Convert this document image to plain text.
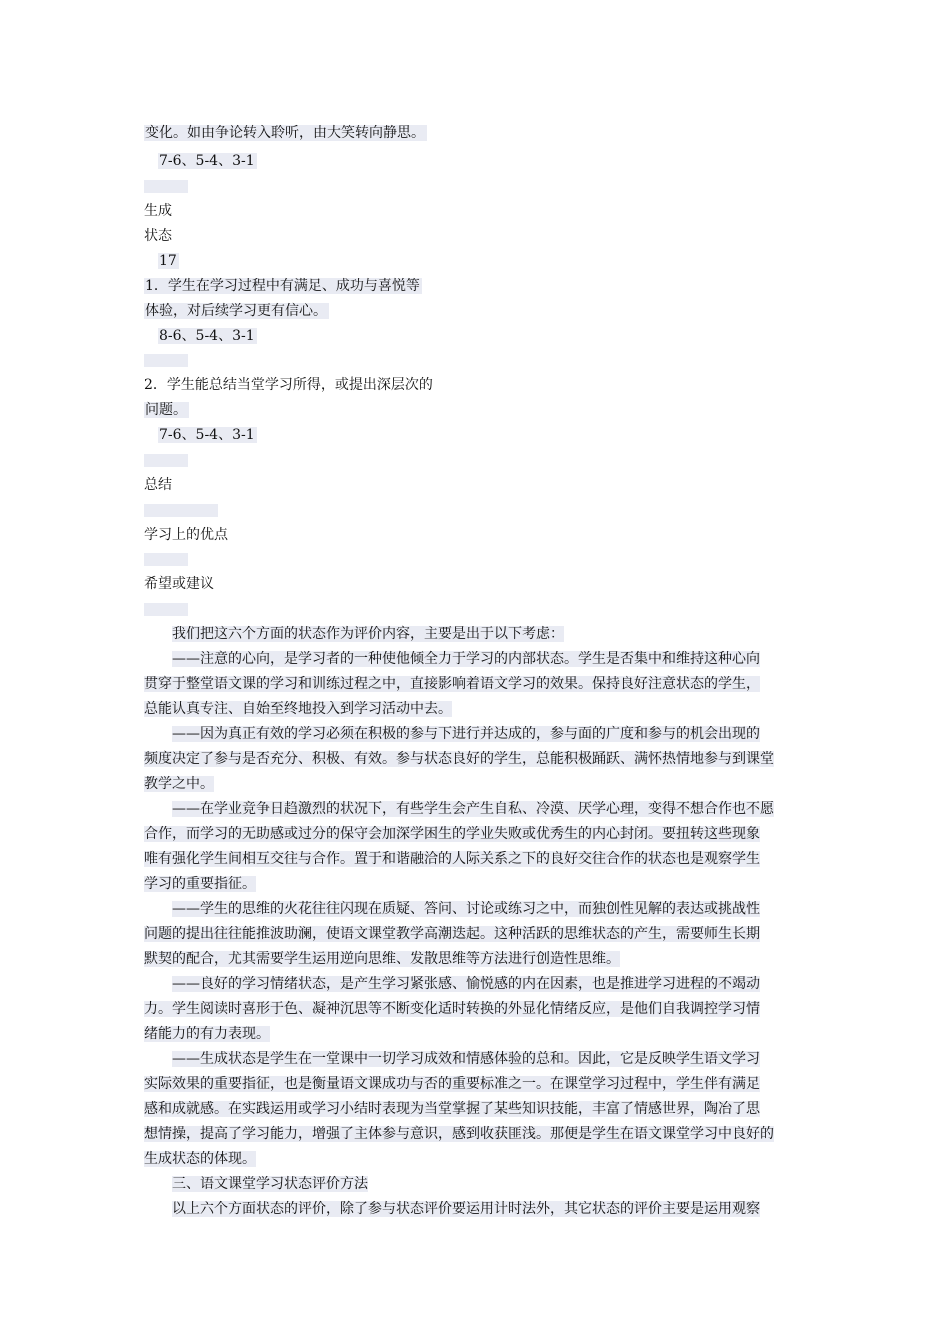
变化。如由争论转入聆听，由大笑转向静思。
7-6、5-4、3-1
生成
状态
17
1．学生在学习过程中有满足、成功与喜悦等
体验，对后续学习更有信心。
8-6、5-4、3-1
2．学生能总结当堂学习所得，或提出深层次的
问题。
7-6、5-4、3-1
总结
学习上的优点
希望或建议
我们把这六个方面的状态作为评价内容，主要是出于以下考虑：
——注意的心向，是学习者的一种使他倾全力于学习的内部状态。学生是否集中和维持这种心向
贯穿于整堂语文课的学习和训练过程之中，直接影响着语文学习的效果。保持良好注意状态的学生，
总能认真专注、自始至终地投入到学习活动中去。
——因为真正有效的学习必须在积极的参与下进行并达成的，参与面的广度和参与的机会出现的
频度决定了参与是否充分、积极、有效。参与状态良好的学生，总能积极踊跃、满怀热情地参与到课堂
教学之中。
——在学业竞争日趋激烈的状况下，有些学生会产生自私、冷漠、厌学心理，变得不想合作也不愿
合作，而学习的无助感或过分的保守会加深学困生的学业失败或优秀生的内心封闭。要扭转这些现象
唯有强化学生间相互交往与合作。置于和谐融洽的人际关系之下的良好交往合作的状态也是观察学生
学习的重要指征。
——学生的思维的火花往往闪现在质疑、答问、讨论或练习之中，而独创性见解的表达或挑战性
问题的提出往往能推波助澜，使语文课堂教学高潮迭起。这种活跃的思维状态的产生，需要师生长期
默契的配合，尤其需要学生运用逆向思维、发散思维等方法进行创造性思维。
——良好的学习情绪状态，是产生学习紧张感、愉悦感的内在因素，也是推进学习进程的不竭动
力。学生阅读时喜形于色、凝神沉思等不断变化适时转换的外显化情绪反应，是他们自我调控学习情
绪能力的有力表现。
——生成状态是学生在一堂课中一切学习成效和情感体验的总和。因此，它是反映学生语文学习
实际效果的重要指征，也是衡量语文课成功与否的重要标准之一。在课堂学习过程中，学生伴有满足
感和成就感。在实践运用或学习小结时表现为当堂掌握了某些知识技能，丰富了情感世界，陶冶了思
想情操，提高了学习能力，增强了主体参与意识，感到收获匪浅。那便是学生在语文课堂学习中良好的
生成状态的体现。
三、语文课堂学习状态评价方法
以上六个方面状态的评价，除了参与状态评价要运用计时法外，其它状态的评价主要是运用观察
